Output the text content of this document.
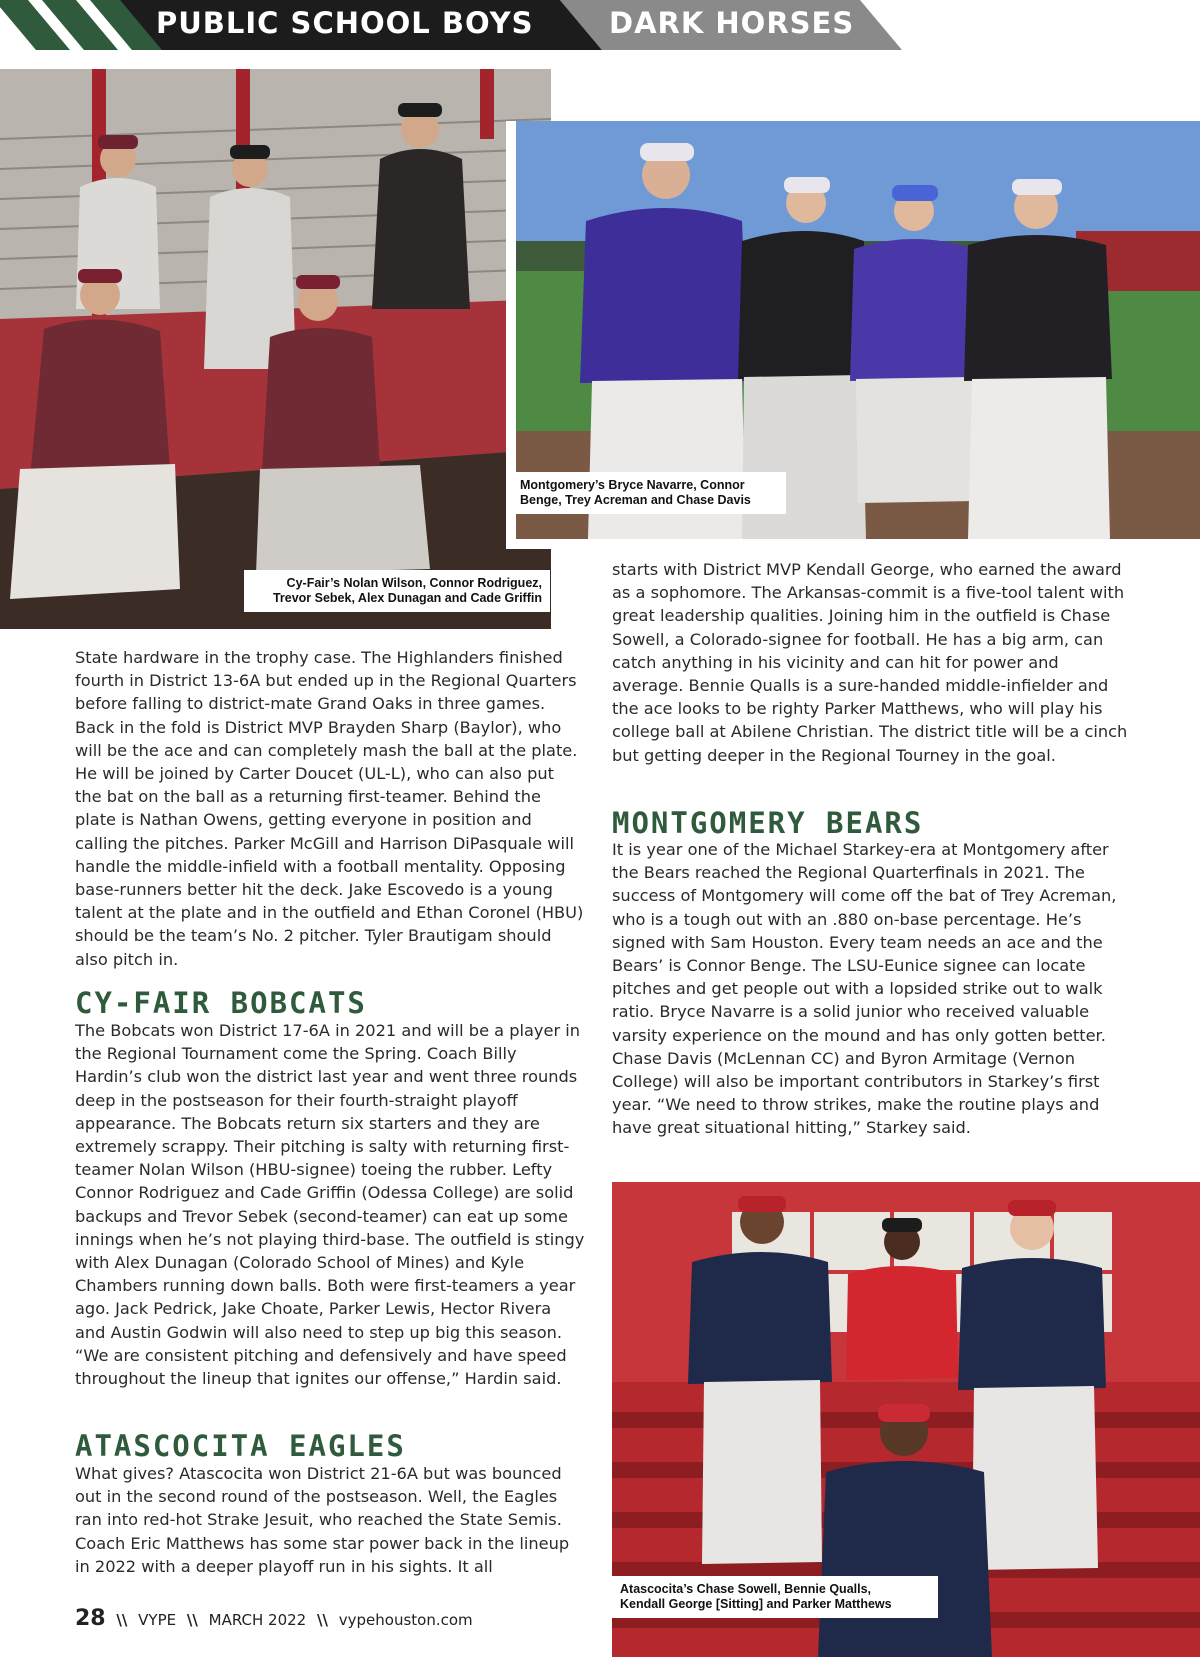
PUBLIC SCHOOL BOYS	DARK HORSES
Cy-Fair’s Nolan Wilson, Connor Rodriguez,
Trevor Sebek, Alex Dunagan and Cade Griffin
Montgomery’s Bryce Navarre, Connor
Benge, Trey Acreman and Chase Davis
Atascocita’s Chase Sowell, Bennie Qualls,
Kendall George [Sitting] and Parker Matthews

State hardware in the trophy case. The Highlanders finished fourth in District 13-6A but ended up in the Regional Quarters before falling to district-mate Grand Oaks in three games. Back in the fold is District MVP Brayden Sharp (Baylor), who will be the ace and can completely mash the ball at the plate. He will be joined by Carter Doucet (UL-L), who can also put the bat on the ball as a returning first-teamer. Behind the plate is Nathan Owens, getting everyone in position and calling the pitches. Parker McGill and Harrison DiPasquale will handle the middle-infield with a football mentality. Opposing base-runners better hit the deck. Jake Escovedo is a young talent at the plate and in the outfield and Ethan Coronel (HBU) should be the team’s No. 2 pitcher. Tyler Brautigam should also pitch in.

CY-FAIR BOBCATS

The Bobcats won District 17-6A in 2021 and will be a player in the Regional Tournament come the Spring. Coach Billy Hardin’s club won the district last year and went three rounds deep in the postseason for their fourth-straight playoff appearance. The Bobcats return six starters and they are extremely scrappy. Their pitching is salty with returning first-teamer Nolan Wilson (HBU-signee) toeing the rubber. Lefty Connor Rodriguez and Cade Griffin (Odessa College) are solid backups and Trevor Sebek (second-teamer) can eat up some innings when he’s not playing third-base. The outfield is stingy with Alex Dunagan (Colorado School of Mines) and Kyle Chambers running down balls. Both were first-teamers a year ago. Jack Pedrick, Jake Choate, Parker Lewis, Hector Rivera and Austin Godwin will also need to step up big this season. “We are consistent pitching and defensively and have speed throughout the lineup that ignites our offense,” Hardin said.

ATASCOCITA EAGLES

What gives? Atascocita won District 21-6A but was bounced out in the second round of the postseason. Well, the Eagles ran into red-hot Strake Jesuit, who reached the State Semis. Coach Eric Matthews has some star power back in the lineup in 2022 with a deeper playoff run in his sights. It all

starts with District MVP Kendall George, who earned the award as a sophomore. The Arkansas-commit is a five-tool talent with great leadership qualities. Joining him in the outfield is Chase Sowell, a Colorado-signee for football. He has a big arm, can catch anything in his vicinity and can hit for power and average. Bennie Qualls is a sure-handed middle-infielder and the ace looks to be righty Parker Matthews, who will play his college ball at Abilene Christian. The district title will be a cinch but getting deeper in the Regional Tourney in the goal.

MONTGOMERY BEARS

It is year one of the Michael Starkey-era at Montgomery after the Bears reached the Regional Quarterfinals in 2021. The success of Montgomery will come off the bat of Trey Acreman, who is a tough out with an .880 on-base percentage. He’s signed with Sam Houston. Every team needs an ace and the Bears’ is Connor Benge. The LSU-Eunice signee can locate pitches and get people out with a lopsided strike out to walk ratio. Bryce Navarre is a solid junior who received valuable varsity experience on the mound and has only gotten better. Chase Davis (McLennan CC) and Byron Armitage (Vernon College) will also be important contributors in Starkey’s first year. “We need to throw strikes, make the routine plays and have great situational hitting,” Starkey said.

28 \\ VYPE \\ MARCH 2022 \\ vypehouston.com
